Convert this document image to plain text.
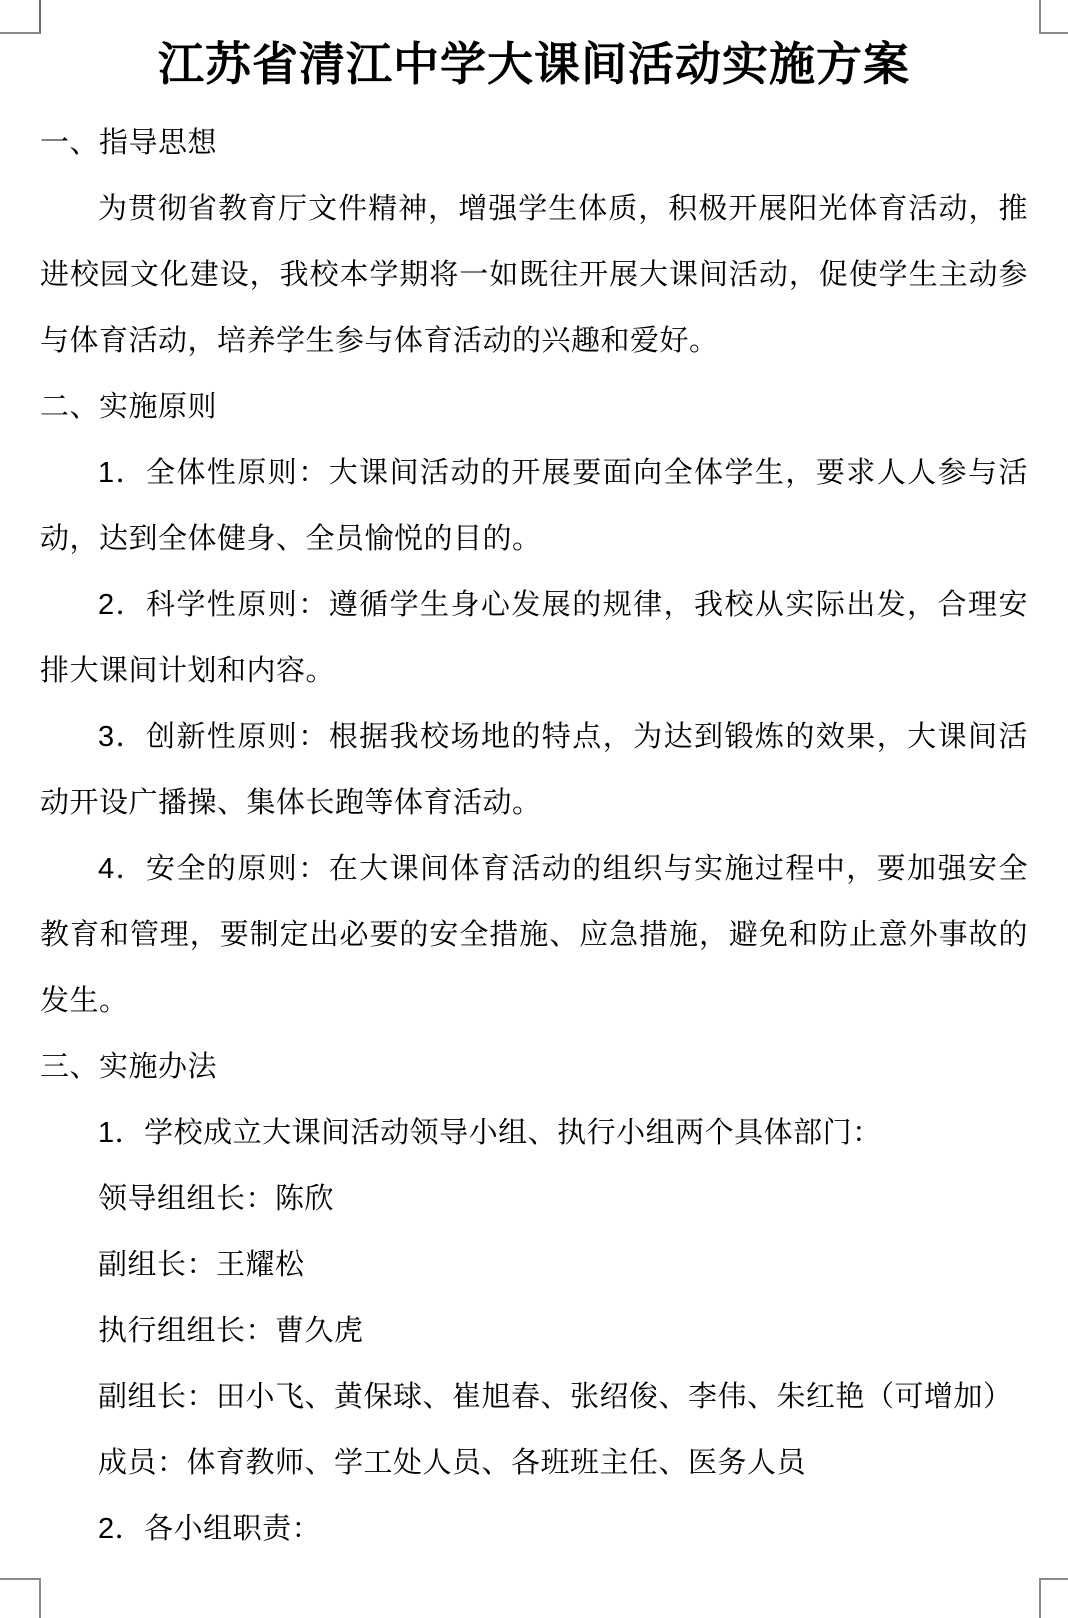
江苏省清江中学大课间活动实施方案

一、指导思想

为贯彻省教育厅文件精神，增强学生体质，积极开展阳光体育活动，推进校园文化建设，我校本学期将一如既往开展大课间活动，促使学生主动参与体育活动，培养学生参与体育活动的兴趣和爱好。

二、实施原则

1．全体性原则：大课间活动的开展要面向全体学生，要求人人参与活动，达到全体健身、全员愉悦的目的。

2．科学性原则：遵循学生身心发展的规律，我校从实际出发，合理安排大课间计划和内容。

3．创新性原则：根据我校场地的特点，为达到锻炼的效果，大课间活动开设广播操、集体长跑等体育活动。

4．安全的原则：在大课间体育活动的组织与实施过程中，要加强安全教育和管理，要制定出必要的安全措施、应急措施，避免和防止意外事故的发生。

三、实施办法

1．学校成立大课间活动领导小组、执行小组两个具体部门：

领导组组长：陈欣

副组长：王耀松

执行组组长：曹久虎

副组长：田小飞、黄保球、崔旭春、张绍俊、李伟、朱红艳（可增加）

成员：体育教师、学工处人员、各班班主任、医务人员

2．各小组职责：
